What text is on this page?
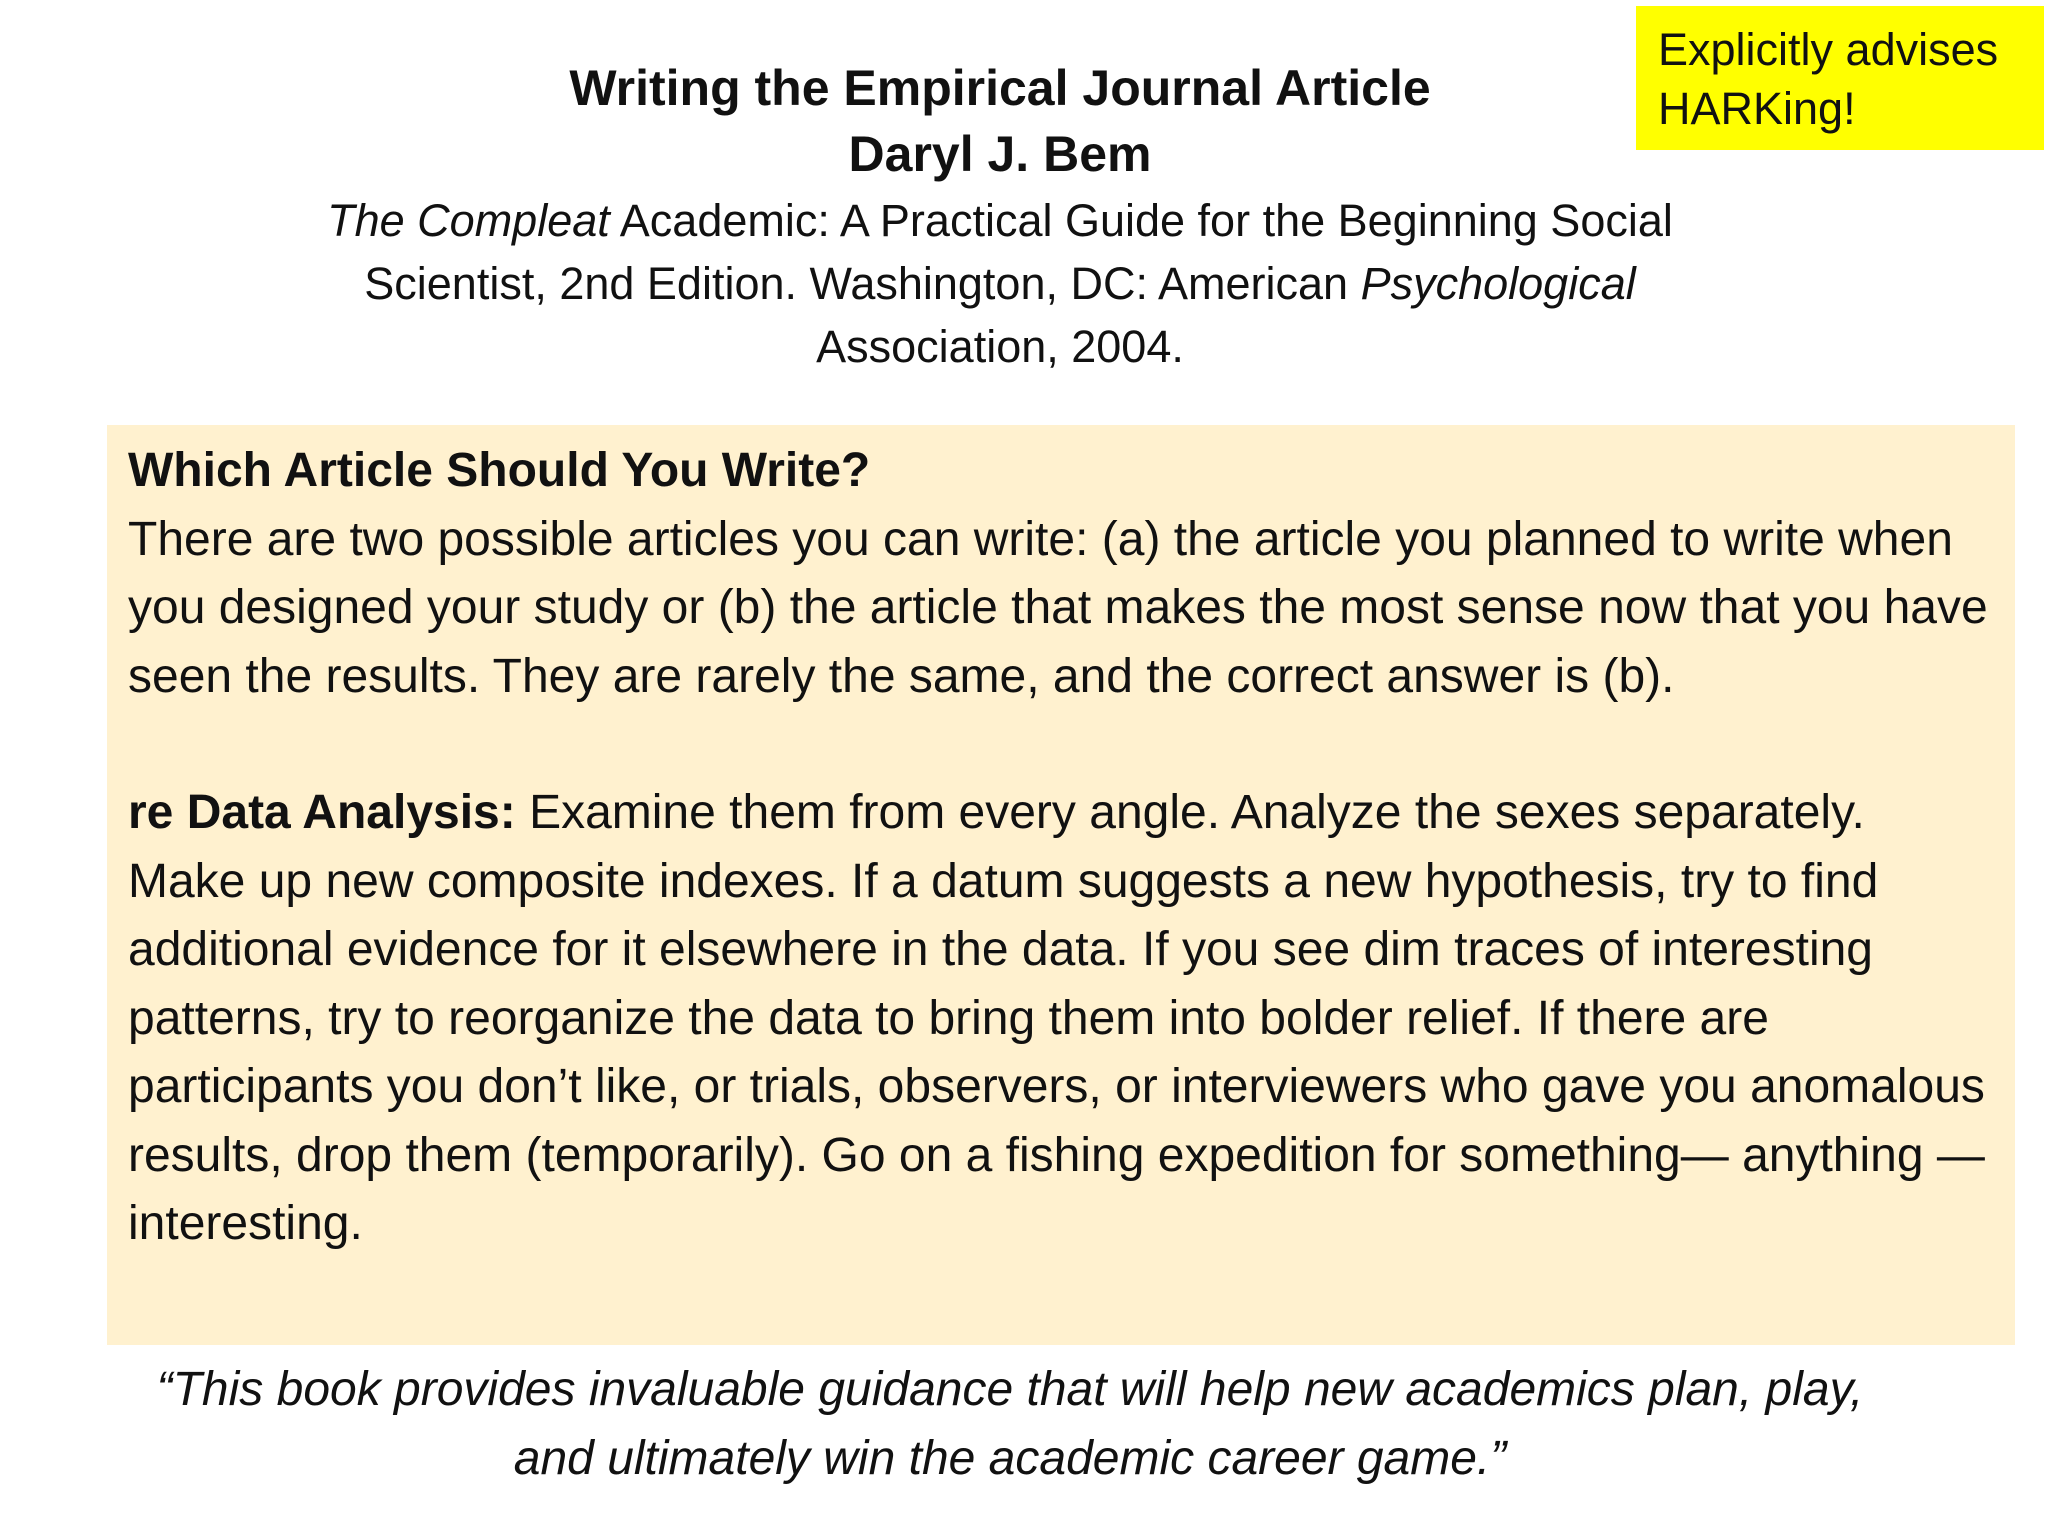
Writing the Empirical Journal Article
Daryl J. Bem
The Compleat Academic: A Practical Guide for the Beginning Social Scientist, 2nd Edition. Washington, DC: American Psychological Association, 2004.
Explicitly advises HARKing!

Which Article Should You Write?

There are two possible articles you can write: (a) the article you planned to write when you designed your study or (b) the article that makes the most sense now that you have seen the results. They are rarely the same, and the correct answer is (b).

re Data Analysis: Examine them from every angle. Analyze the sexes separately. Make up new composite indexes. If a datum suggests a new hypothesis, try to find additional evidence for it elsewhere in the data. If you see dim traces of interesting patterns, try to reorganize the data to bring them into bolder relief. If there are participants you don’t like, or trials, observers, or interviewers who gave you anomalous results, drop them (temporarily). Go on a fishing expedition for something— anything —interesting.

“This book provides invaluable guidance that will help new academics plan, play, and ultimately win the academic career game.”
